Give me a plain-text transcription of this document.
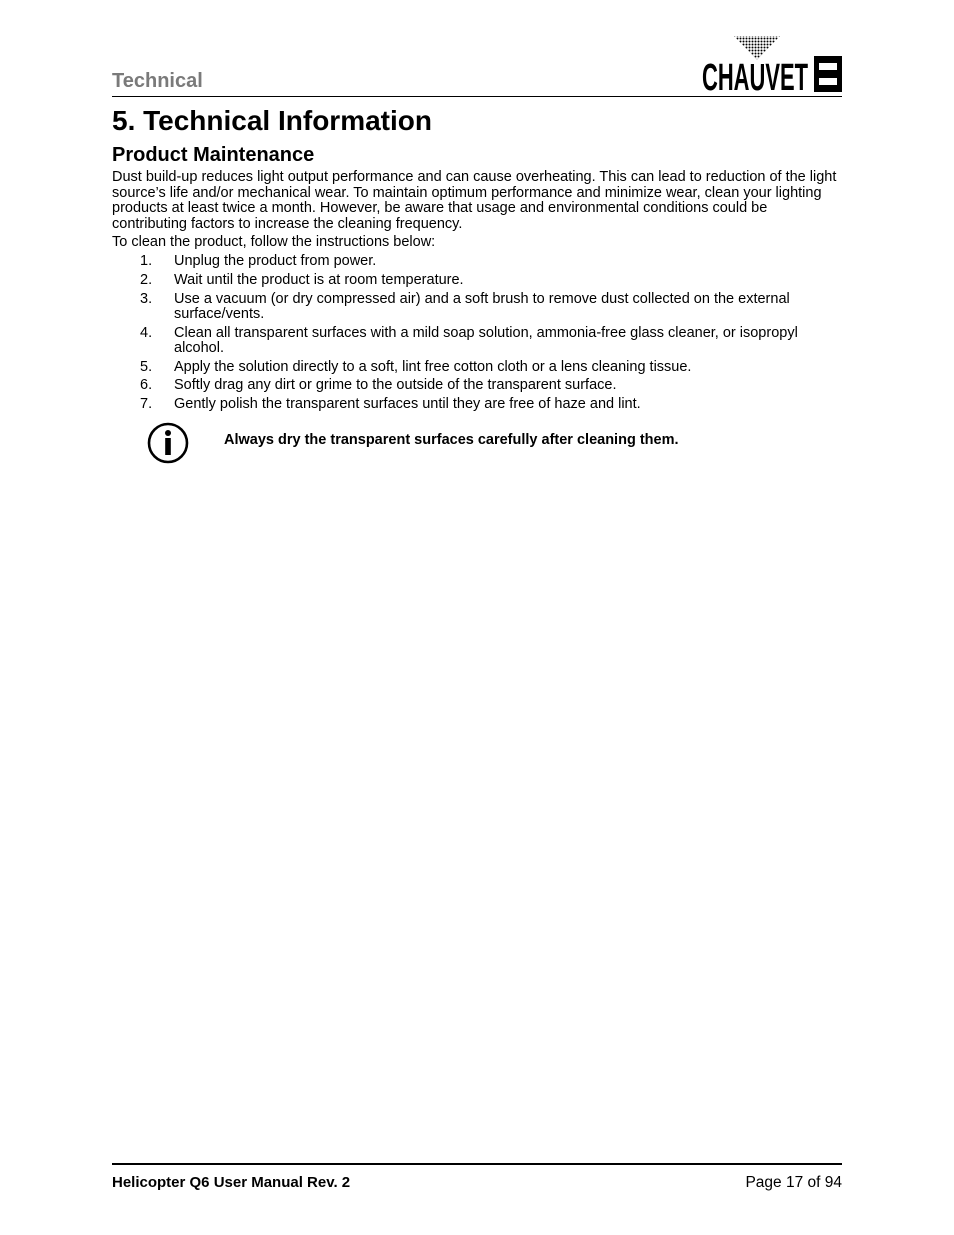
Technical	CHAUVET
5. Technical Information
Product Maintenance

Dust build-up reduces light output performance and can cause overheating. This can lead to reduction of the light source’s life and/or mechanical wear. To maintain optimum performance and minimize wear, clean your lighting products at least twice a month. However, be aware that usage and environmental conditions could be contributing factors to increase the cleaning frequency.

To clean the product, follow the instructions below:

1.	Unplug the product from power.
2.	Wait until the product is at room temperature.
3.	Use a vacuum (or dry compressed air) and a soft brush to remove dust collected on the external surface/vents.
4.	Clean all transparent surfaces with a mild soap solution, ammonia-free glass cleaner, or isopropyl alcohol.
5.	Apply the solution directly to a soft, lint free cotton cloth or a lens cleaning tissue.
6.	Softly drag any dirt or grime to the outside of the transparent surface.
7.	Gently polish the transparent surfaces until they are free of haze and lint.

Always dry the transparent surfaces carefully after cleaning them.

Helicopter Q6 User Manual Rev. 2	Page 17 of 94
